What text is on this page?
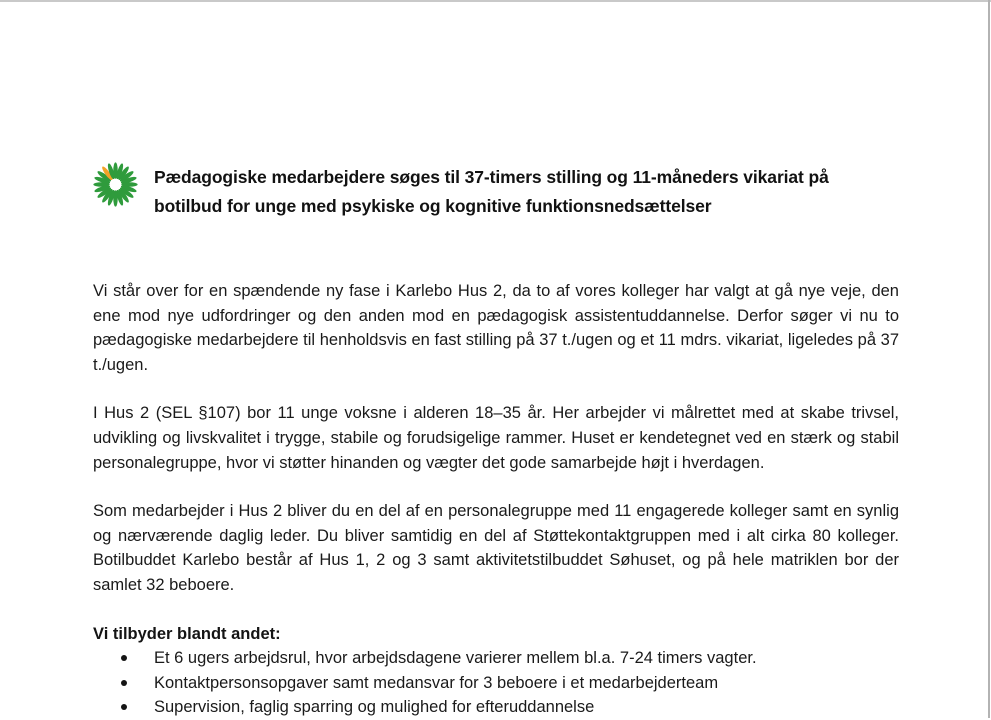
Pædagogiske medarbejdere søges til 37-timers stilling og 11-måneders vikariat på botilbud for unge med psykiske og kognitive funktionsnedsættelser

Vi står over for en spændende ny fase i Karlebo Hus 2, da to af vores kolleger har valgt at gå nye veje, den ene mod nye udfordringer og den anden mod en pædagogisk assistentuddannelse. Derfor søger vi nu to pædagogiske medarbejdere til henholdsvis en fast stilling på 37 t./ugen og et 11 mdrs. vikariat, ligeledes på 37 t./ugen.

I Hus 2 (SEL §107) bor 11 unge voksne i alderen 18–35 år. Her arbejder vi målrettet med at skabe trivsel, udvikling og livskvalitet i trygge, stabile og forudsigelige rammer. Huset er kendetegnet ved en stærk og stabil personalegruppe, hvor vi støtter hinanden og vægter det gode samarbejde højt i hverdagen.

Som medarbejder i Hus 2 bliver du en del af en personalegruppe med 11 engagerede kolleger samt en synlig og nærværende daglig leder. Du bliver samtidig en del af Støttekontaktgruppen med i alt cirka 80 kolleger. Botilbuddet Karlebo består af Hus 1, 2 og 3 samt aktivitetstilbuddet Søhuset, og på hele matriklen bor der samlet 32 beboere.

Vi tilbyder blandt andet:

Et 6 ugers arbejdsrul, hvor arbejdsdagene varierer mellem bl.a. 7-24 timers vagter.
Kontaktpersonsopgaver samt medansvar for 3 beboere i et medarbejderteam
Supervision, faglig sparring og mulighed for efteruddannelse
